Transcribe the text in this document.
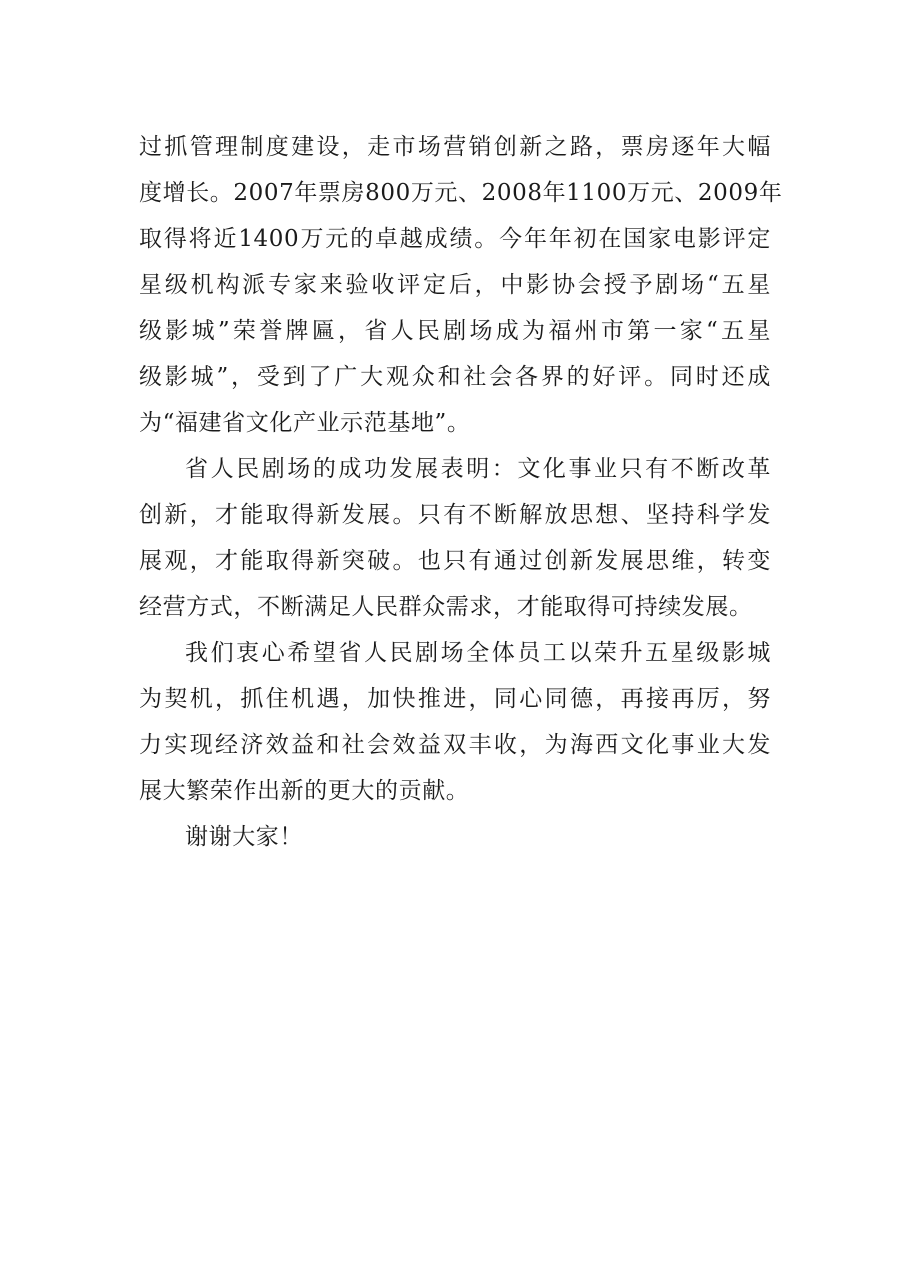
过抓管理制度建设，走市场营销创新之路，票房逐年大幅
度增长。2007年票房800万元、2008年1100万元、2009年
取得将近1400万元的卓越成绩。今年年初在国家电影评定
星级机构派专家来验收评定后，中影协会授予剧场“五星
级影城”荣誉牌匾，省人民剧场成为福州市第一家“五星
级影城”，受到了广大观众和社会各界的好评。同时还成
为“福建省文化产业示范基地”。
省人民剧场的成功发展表明：文化事业只有不断改革
创新，才能取得新发展。只有不断解放思想、坚持科学发
展观，才能取得新突破。也只有通过创新发展思维，转变
经营方式，不断满足人民群众需求，才能取得可持续发展。
我们衷心希望省人民剧场全体员工以荣升五星级影城
为契机，抓住机遇，加快推进，同心同德，再接再厉，努
力实现经济效益和社会效益双丰收，为海西文化事业大发
展大繁荣作出新的更大的贡献。
谢谢大家！
